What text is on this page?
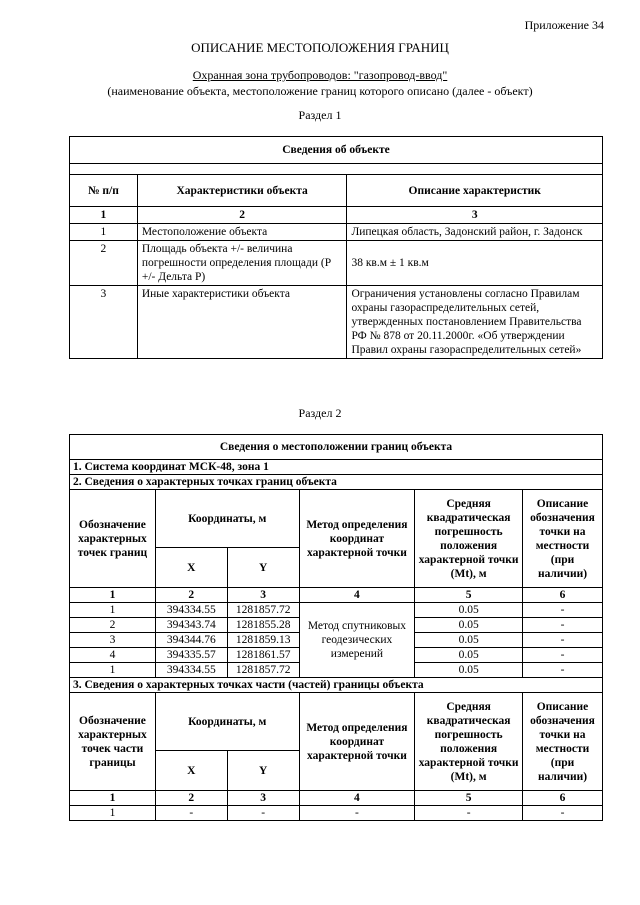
Приложение 34
ОПИСАНИЕ МЕСТОПОЛОЖЕНИЯ ГРАНИЦ
Охранная зона трубопроводов: "газопровод-ввод"
(наименование объекта, местоположение границ которого описано (далее - объект)
Раздел 1
Сведения об объекте		

№ п/п	Характеристики объекта	Описание характеристик
1	2	3
1	Местоположение объекта	Липецкая область, Задонский район, г. Задонск
2	Площадь объекта +/- величина погрешности определения площади (P +/- Дельта P)	38 кв.м ± 1 кв.м
3	Иные характеристики объекта	Ограничения установлены согласно Правилам охраны газораспределительных сетей, утвержденных постановлением Правительства РФ № 878 от 20.11.2000г. «Об утверждении Правил охраны газораспределительных сетей»
Раздел 2
Сведения о местоположении границ объекта					
1. Система координат МСК-48, зона 1					
2. Сведения о характерных точках границ объекта					
Обозначение характерных точек границ	Координаты, м		Метод определения координат характерной точки	Средняя квадратическая погрешность положения характерной точки (Mt), м	Описание обозначения точки на местности (при наличии)
	X	Y			
1	2	3	4	5	6
1	394334.55	1281857.72	Метод спутниковых геодезических измерений	0.05	-
2	394343.74	1281855.28		0.05	-
3	394344.76	1281859.13		0.05	-
4	394335.57	1281861.57		0.05	-
1	394334.55	1281857.72		0.05	-
3. Сведения о характерных точках части (частей) границы объекта					
Обозначение характерных точек части границы	Координаты, м		Метод определения координат характерной точки	Средняя квадратическая погрешность положения характерной точки (Mt), м	Описание обозначения точки на местности (при наличии)
	X	Y			
1	2	3	4	5	6
1	-	-	-	-	-
